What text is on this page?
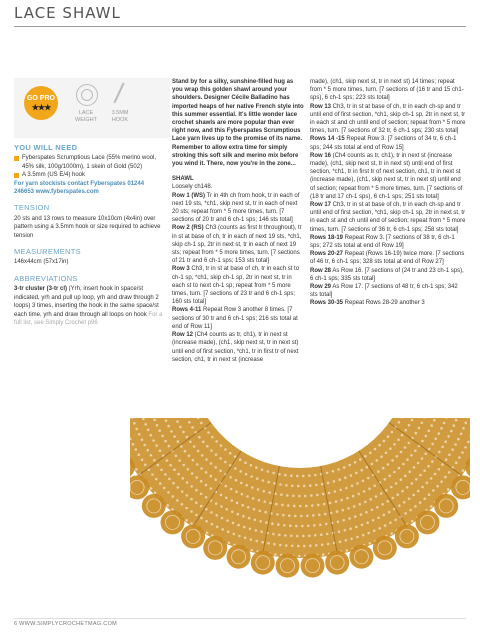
LACE SHAWL
GO PRO
★★★
LACE WEIGHT
3.5MM HOOK
YOU WILL NEED
Fyberspates Scrumptious Lace (55% merino wool, 45% silk, 100g/1000m), 1 skein of Gold (502)
A 3.5mm (US E/4) hook
For yarn stockists contact Fyberspates 01244 246653 www.fyberspates.com
TENSION
20 sts and 13 rows to measure 10x10cm (4x4in) over pattern using a 3.5mm hook or size required to achieve tension
MEASUREMENTS
146x44cm (57x17in)
ABBREVIATIONS
3-tr cluster (3-tr cl) (Yrh, insert hook in space/st indicated, yrh and pull up loop, yrh and draw through 2 loops) 3 times, inserting the hook in the same space/st each time, yrh and draw through all loops on hook For a full list, see Simply Crochet p96

Stand by for a silky, sunshine-filled hug as you wrap this golden shawl around your shoulders. Designer Cécile Balladino has imported heaps of her native French style into this summer essential. It's little wonder lace crochet shawls are more popular than ever right now, and this Fyberspates Scrumptious Lace yarn lives up to the promise of its name. Remember to allow extra time for simply stroking this soft silk and merino mix before you wind it. There, now you're in the zone...

SHAWL

Loosely ch148.

Row 1 (WS) Tr in 4th ch from hook, tr in each of next 19 sts, *ch1, skip next st, tr in each of next 20 sts; repeat from * 5 more times, turn. [7 sections of 20 tr and 6 ch-1 sps; 146 sts total]

Row 2 (RS) Ch3 (counts as first tr throughout), tr in st at base of ch, tr in each of next 19 sts, *ch1, skip ch-1 sp, 2tr in next st, tr in each of next 19 sts; repeat from * 5 more times, turn. [7 sections of 21 tr and 6 ch-1 sps; 153 sts total]

Row 3 Ch3, tr in st at base of ch, tr in each st to ch-1 sp, *ch1, skip ch-1 sp, 2tr in next st, tr in each st to next ch-1 sp; repeat from * 5 more times, turn. [7 sections of 23 tr and 6 ch-1 sps; 160 sts total]

Rows 4-11 Repeat Row 3 another 8 times. [7 sections of 30 tr and 6 ch-1 sps; 216 sts total at end of Row 11]

Row 12 (Ch4 counts as tr, ch1), tr in next st (increase made), (ch1, skip next st, tr in next st) until end of first section, *ch1, tr in first tr of next section, ch1, tr in next st (increase

made), (ch1, skip next st, tr in next st) 14 times; repeat from * 5 more times, turn. [7 sections of (16 tr and 15 ch1-sps), 6 ch-1 sps; 223 sts total]

Row 13 Ch3, tr in st at base of ch, tr in each ch-sp and tr until end of first section, *ch1, skip ch-1 sp, 2tr in next st, tr in each st and ch until end of section; repeat from * 5 more times, turn. [7 sections of 32 tr, 6 ch-1 sps; 230 sts total]

Rows 14 -15 Repeat Row 3. [7 sections of 34 tr, 6 ch-1 sps; 244 sts total at end of Row 15]

Row 16 (Ch4 counts as tr, ch1), tr in next st (increase made), (ch1, skip next st, tr in next st) until end of first section, *ch1, tr in first tr of next section, ch1, tr in next st (increase made), (ch1, skip next st, tr in next st) until end of section; repeat from * 5 more times, turn. [7 sections of (18 tr and 17 ch-1 sps), 6 ch-1 sps; 251 sts total]

Row 17 Ch3, tr in st at base of ch, tr in each ch-sp and tr until end of first section, *ch1, skip ch-1 sp, 2tr in next st, tr in each st and ch until end of section; repeat from * 5 more times, turn. [7 sections of 36 tr, 6 ch-1 sps; 258 sts total]

Rows 18-19 Repeat Row 3. [7 sections of 38 tr, 6 ch-1 sps; 272 sts total at end of Row 19]

Rows 20-27 Repeat (Rows 16-19) twice more. [7 sections of 46 tr, 6 ch-1 sps; 328 sts total at end of Row 27]

Row 28 As Row 16. [7 sections of (24 tr and 23 ch-1 sps), 6 ch-1 sps; 335 sts total]

Row 29 As Row 17. [7 sections of 48 tr, 6 ch-1 sps; 342 sts total]

Rows 30-35 Repeat Rows 28-29 another 3

6 WWW.SIMPLYCROCHETMAG.COM
